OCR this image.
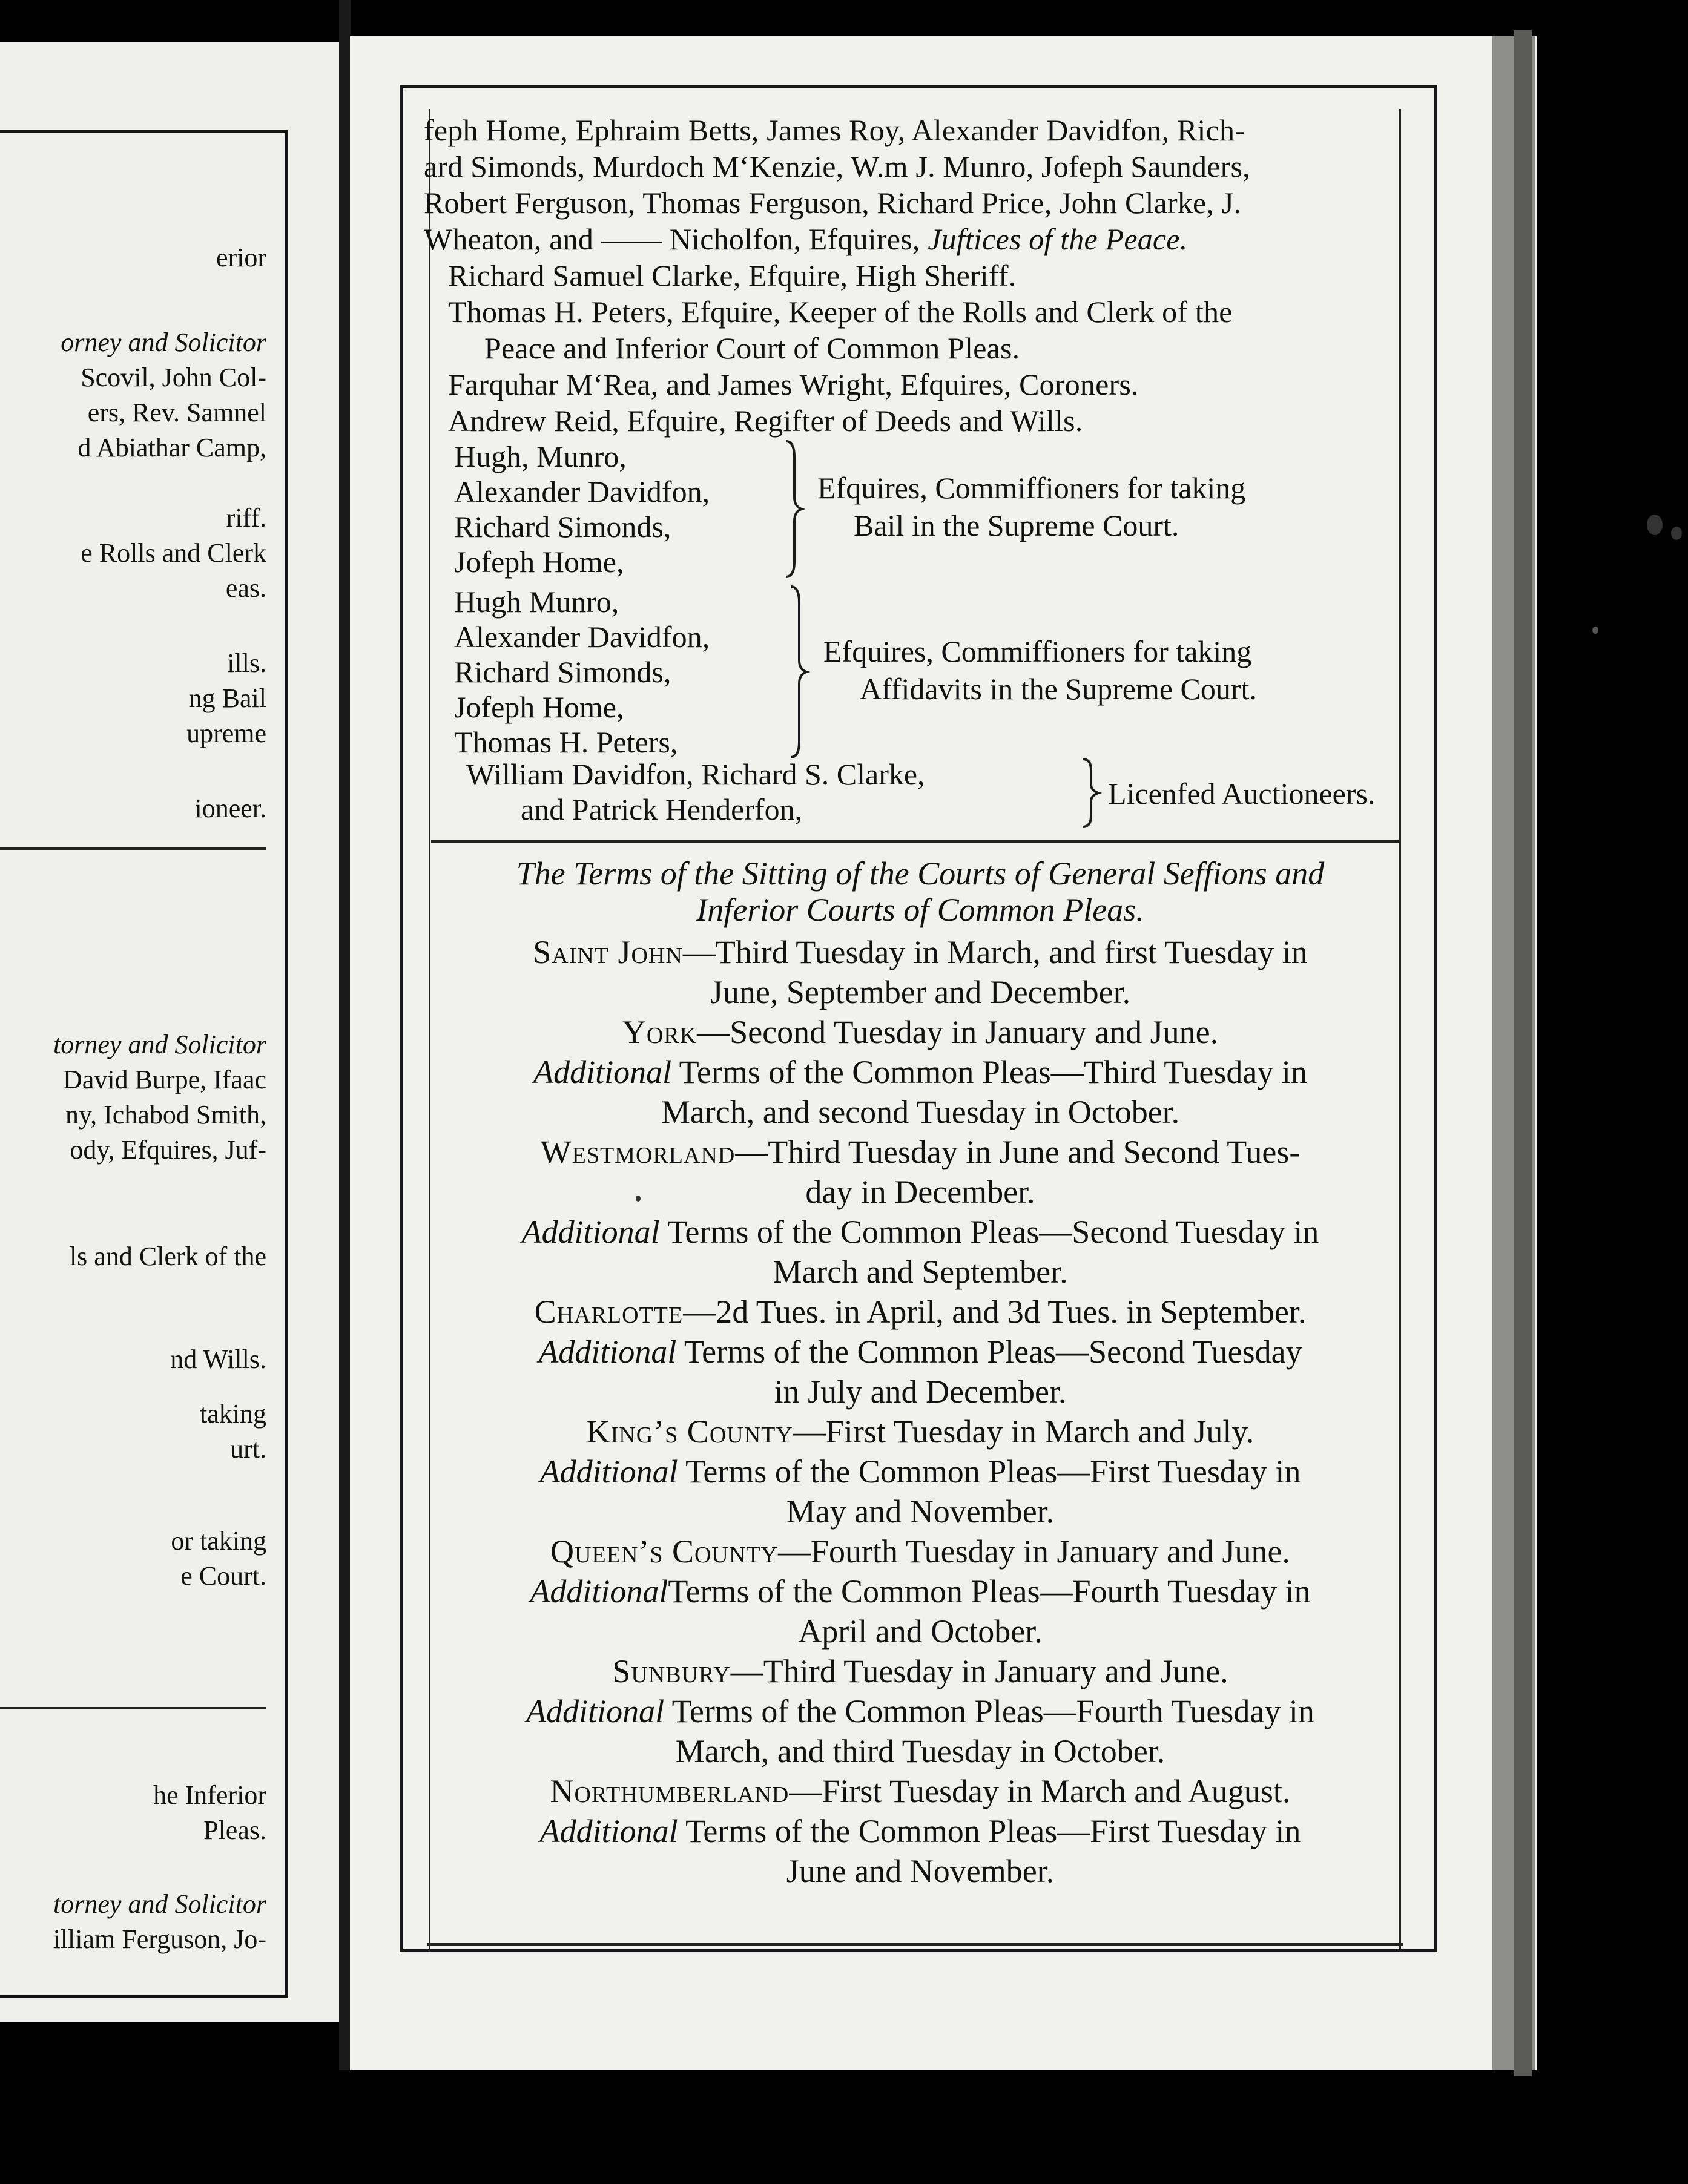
erior
orney and Solicitor
Scovil, John Col-
ers, Rev. Samnel
d Abiathar Camp,
riff.
e Rolls and Clerk
eas.
ills.
ng Bail
upreme
ioneer.
torney and Solicitor
David Burpe, Ifaac
ny, Ichabod Smith,
ody, Efquires, Juf-
ls and Clerk of the
nd Wills.
taking
urt.
or taking
e Court.
he Inferior
Pleas.
torney and Solicitor
illiam Ferguson, Jo-
feph Home, Ephraim Betts, James Roy, Alexander Davidfon, Rich-
ard Simonds, Murdoch M‘Kenzie, W.m J. Munro, Jofeph Saunders,
Robert Ferguson, Thomas Ferguson, Richard Price, John Clarke, J.
Wheaton, and —— Nicholfon, Efquires, Juftices of the Peace.
Richard Samuel Clarke, Efquire, High Sheriff.
Thomas H. Peters, Efquire, Keeper of the Rolls and Clerk of the
Peace and Inferior Court of Common Pleas.
Farquhar M‘Rea, and James Wright, Efquires, Coroners.
Andrew Reid, Efquire, Regifter of Deeds and Wills.
Hugh, Munro,
Alexander Davidfon,
Richard Simonds,
Jofeph Home,
Efquires, Commiffioners for taking
Bail in the Supreme Court.
Hugh Munro,
Alexander Davidfon,
Richard Simonds,
Jofeph Home,
Thomas H. Peters,
Efquires, Commiffioners for taking
Affidavits in the Supreme Court.
William Davidfon, Richard S. Clarke,
and Patrick Henderfon,	Licenfed Auctioneers.
The Terms of the Sitting of the Courts of General Seffions and
Inferior Courts of Common Pleas.
Saint John—Third Tuesday in March, and first Tuesday in
June, September and December.
York—Second Tuesday in January and June.
Additional Terms of the Common Pleas—Third Tuesday in
March, and second Tuesday in October.
Westmorland—Third Tuesday in June and Second Tues-
day in December.
Additional Terms of the Common Pleas—Second Tuesday in
March and September.
Charlotte—2d Tues. in April, and 3d Tues. in September.
Additional Terms of the Common Pleas—Second Tuesday
in July and December.
King’s County—First Tuesday in March and July.
Additional Terms of the Common Pleas—First Tuesday in
May and November.
Queen’s County—Fourth Tuesday in January and June.
AdditionalTerms of the Common Pleas—Fourth Tuesday in
April and October.
Sunbury—Third Tuesday in January and June.
Additional Terms of the Common Pleas—Fourth Tuesday in
March, and third Tuesday in October.
Northumberland—First Tuesday in March and August.
Additional Terms of the Common Pleas—First Tuesday in
June and November.
